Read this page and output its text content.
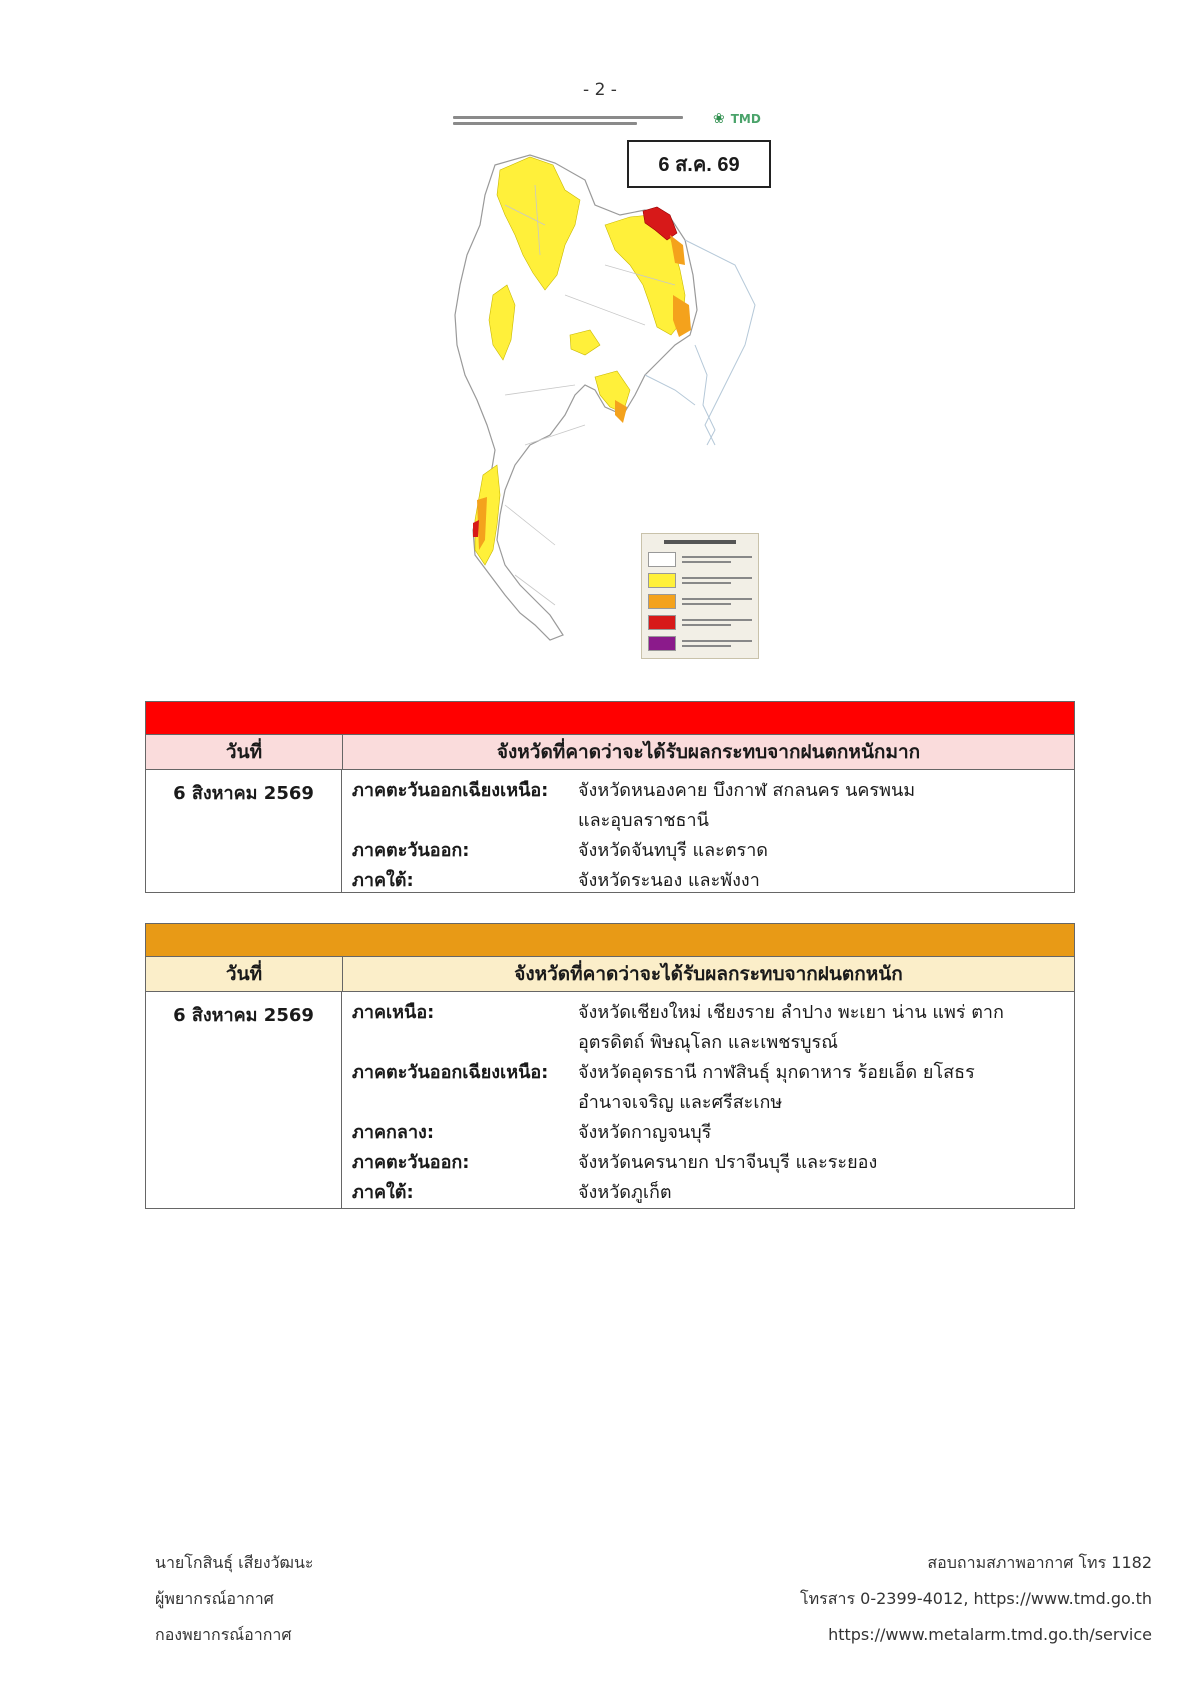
- 2 -
❀ TMD
6 ส.ค. 69
วันที่	จังหวัดที่คาดว่าจะได้รับผลกระทบจากฝนตกหนักมาก
6 สิงหาคม 2569	ภาคตะวันออกเฉียงเหนือ:	จังหวัดหนองคาย บึงกาฬ สกลนคร นครพนม
และอุบลราชธานี
ภาคตะวันออก:	จังหวัดจันทบุรี และตราด
ภาคใต้:	จังหวัดระนอง และพังงา
วันที่	จังหวัดที่คาดว่าจะได้รับผลกระทบจากฝนตกหนัก
6 สิงหาคม 2569	ภาคเหนือ:	จังหวัดเชียงใหม่ เชียงราย ลำปาง พะเยา น่าน แพร่ ตาก
อุตรดิตถ์ พิษณุโลก และเพชรบูรณ์
ภาคตะวันออกเฉียงเหนือ:	จังหวัดอุดรธานี กาฬสินธุ์ มุกดาหาร ร้อยเอ็ด ยโสธร
อำนาจเจริญ และศรีสะเกษ
ภาคกลาง:	จังหวัดกาญจนบุรี
ภาคตะวันออก:	จังหวัดนครนายก ปราจีนบุรี และระยอง
ภาคใต้:	จังหวัดภูเก็ต
นายโกสินธุ์ เสียงวัฒนะ
ผู้พยากรณ์อากาศ
กองพยากรณ์อากาศ
สอบถามสภาพอากาศ โทร 1182
โทรสาร 0-2399-4012, https://www.tmd.go.th
https://www.metalarm.tmd.go.th/service
